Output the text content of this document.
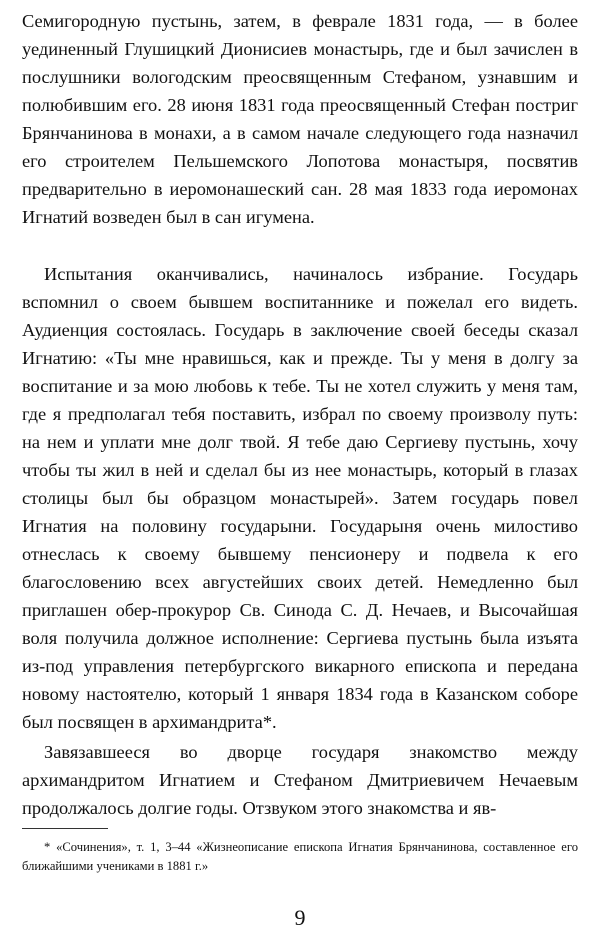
Семигородную пустынь, затем, в феврале 1831 года, — в более уединенный Глушицкий Дионисиев монастырь, где и был зачислен в послушники вологодским преосвященным Стефаном, узнавшим и полюбившим его. 28 июня 1831 года преосвященный Стефан постриг Брянчанинова в монахи, а в самом начале следующего года назначил его строителем Пельшемского Лопотова монастыря, посвятив предварительно в иеромонашеский сан. 28 мая 1833 года иеромонах Игнатий возведен был в сан игумена.

Испытания оканчивались, начиналось избрание. Государь вспомнил о своем бывшем воспитаннике и пожелал его видеть. Аудиенция состоялась. Государь в заключение своей беседы сказал Игнатию: «Ты мне нравишься, как и прежде. Ты у меня в долгу за воспитание и за мою любовь к тебе. Ты не хотел служить у меня там, где я предполагал тебя поставить, избрал по своему произволу путь: на нем и уплати мне долг твой. Я тебе даю Сергиеву пустынь, хочу чтобы ты жил в ней и сделал бы из нее монастырь, который в глазах столицы был бы образцом монастырей». Затем государь повел Игнатия на половину государыни. Государыня очень милостиво отнеслась к своему бывшему пенсионеру и подвела к его благословению всех августейших своих детей. Немедленно был приглашен обер-прокурор Св. Синода С. Д. Нечаев, и Высочайшая воля получила должное исполнение: Сергиева пустынь была изъята из-под управления петербургского викарного епископа и передана новому настоятелю, который 1 января 1834 года в Казанском соборе был посвящен в архимандрита*.

Завязавшееся во дворце государя знакомство между архимандритом Игнатием и Стефаном Дмитриевичем Нечаевым продолжалось долгие годы. Отзвуком этого знакомства и яв-

* «Сочинения», т. 1, 3–44 «Жизнеописание епископа Игнатия Брянчанинова, составленное его ближайшими учениками в 1881 г.»

9
